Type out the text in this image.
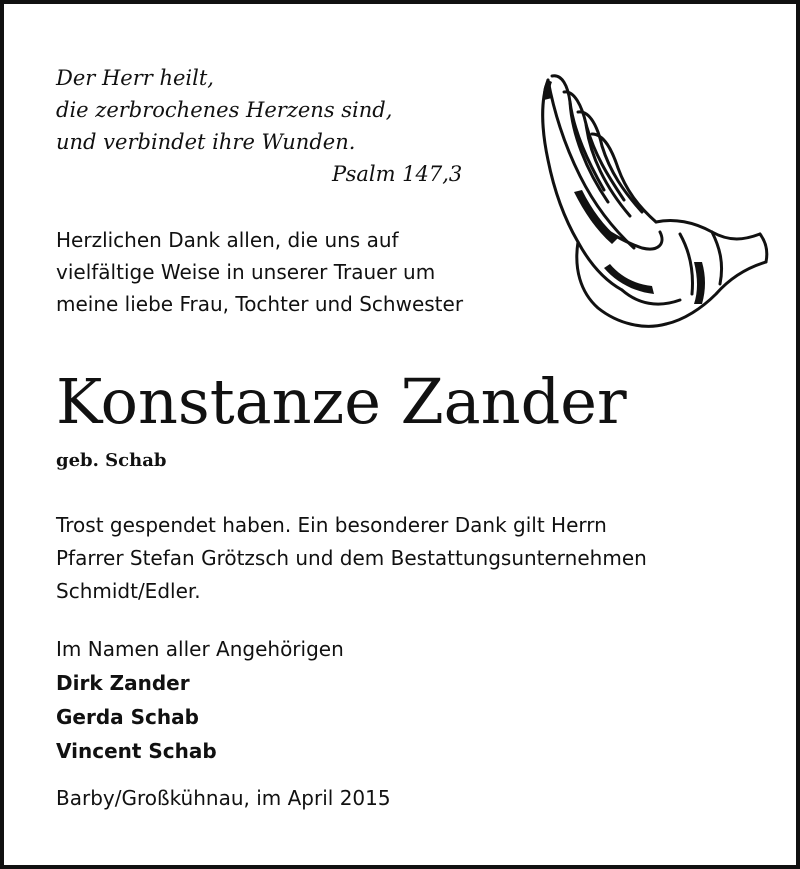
Der Herr heilt,
die zerbrochenes Herzens sind,
und verbindet ihre Wunden.
Psalm 147,3
Herzlichen Dank allen, die uns auf
vielfältige Weise in unserer Trauer um
meine liebe Frau, Tochter und Schwester
Konstanze Zander
geb. Schab
Trost gespendet haben. Ein besonderer Dank gilt Herrn
Pfarrer Stefan Grötzsch und dem Bestattungsunternehmen
Schmidt/Edler.
Im Namen aller Angehörigen
Dirk Zander
Gerda Schab
Vincent Schab
Barby/Großkühnau, im April 2015
